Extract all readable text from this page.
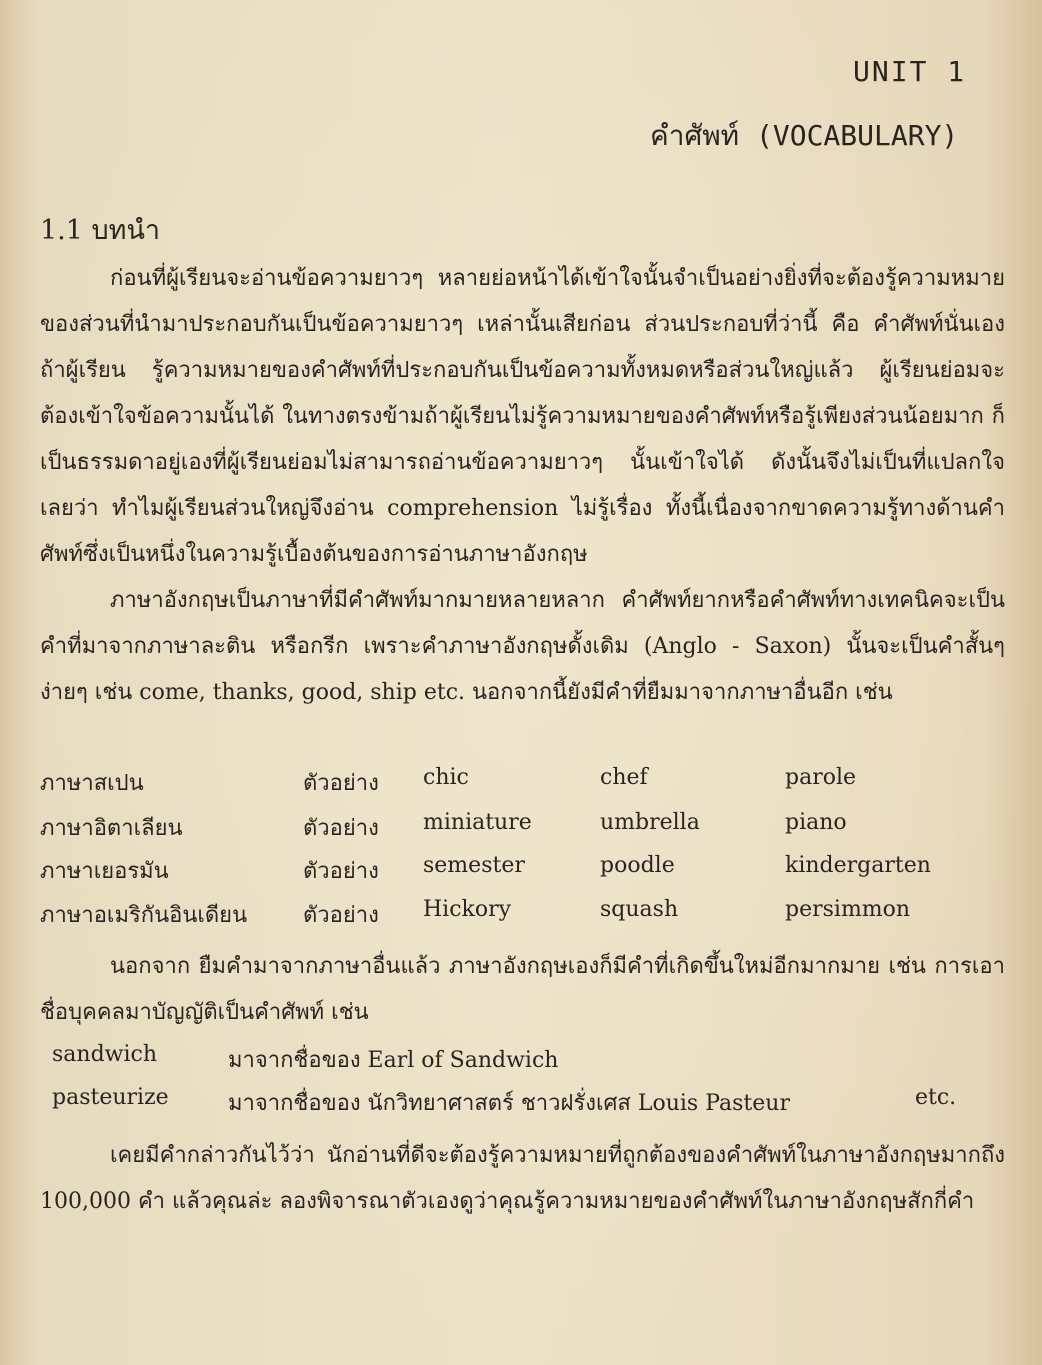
UNIT 1
คำศัพท์ (VOCABULARY)
1.1 บทนำ
ก่อนที่ผู้เรียนจะอ่านข้อความยาวๆ หลายย่อหน้าได้เข้าใจนั้นจำเป็นอย่างยิ่งที่จะต้องรู้ความหมายของส่วนที่นำมาประกอบกันเป็นข้อความยาวๆ เหล่านั้นเสียก่อน ส่วนประกอบที่ว่านี้ คือ คำศัพท์นั่นเอง ถ้าผู้เรียน รู้ความหมายของคำศัพท์ที่ประกอบกันเป็นข้อความทั้งหมดหรือส่วนใหญ่แล้ว ผู้เรียนย่อมจะต้องเข้าใจข้อความนั้นได้ ในทางตรงข้ามถ้าผู้เรียนไม่รู้ความหมายของคำศัพท์หรือรู้เพียงส่วนน้อยมาก ก็เป็นธรรมดาอยู่เองที่ผู้เรียนย่อมไม่สามารถอ่านข้อความยาวๆ นั้นเข้าใจได้ ดังนั้นจึงไม่เป็นที่แปลกใจ เลยว่า ทำไมผู้เรียนส่วนใหญ่จึงอ่าน comprehension ไม่รู้เรื่อง ทั้งนี้เนื่องจากขาดความรู้ทางด้านคำศัพท์ซึ่งเป็นหนึ่งในความรู้เบื้องต้นของการอ่านภาษาอังกฤษ
ภาษาอังกฤษเป็นภาษาที่มีคำศัพท์มากมายหลายหลาก คำศัพท์ยากหรือคำศัพท์ทางเทคนิคจะเป็นคำที่มาจากภาษาละติน หรือกรีก เพราะคำภาษาอังกฤษดั้งเดิม (Anglo - Saxon) นั้นจะเป็นคำสั้นๆ ง่ายๆ เช่น come, thanks, good, ship etc. นอกจากนี้ยังมีคำที่ยืมมาจากภาษาอื่นอีก เช่น
ภาษาสเปน	ตัวอย่าง chic	chef	parole
ภาษาอิตาเลียน	ตัวอย่าง miniature	umbrella	piano
ภาษาเยอรมัน	ตัวอย่าง semester	poodle	kindergarten
ภาษาอเมริกันอินเดียน	ตัวอย่าง Hickory	squash	persimmon
นอกจาก ยืมคำมาจากภาษาอื่นแล้ว ภาษาอังกฤษเองก็มีคำที่เกิดขึ้นใหม่อีกมากมาย เช่น การเอาชื่อบุคคลมาบัญญัติเป็นคำศัพท์ เช่น
sandwich	มาจากชื่อของ Earl of Sandwich
pasteurize	มาจากชื่อของ นักวิทยาศาสตร์ ชาวฝรั่งเศส Louis Pasteur	etc.
เคยมีคำกล่าวกันไว้ว่า นักอ่านที่ดีจะต้องรู้ความหมายที่ถูกต้องของคำศัพท์ในภาษาอังกฤษมากถึง 100,000 คำ แล้วคุณล่ะ ลองพิจารณาตัวเองดูว่าคุณรู้ความหมายของคำศัพท์ในภาษาอังกฤษสักกี่คำ
